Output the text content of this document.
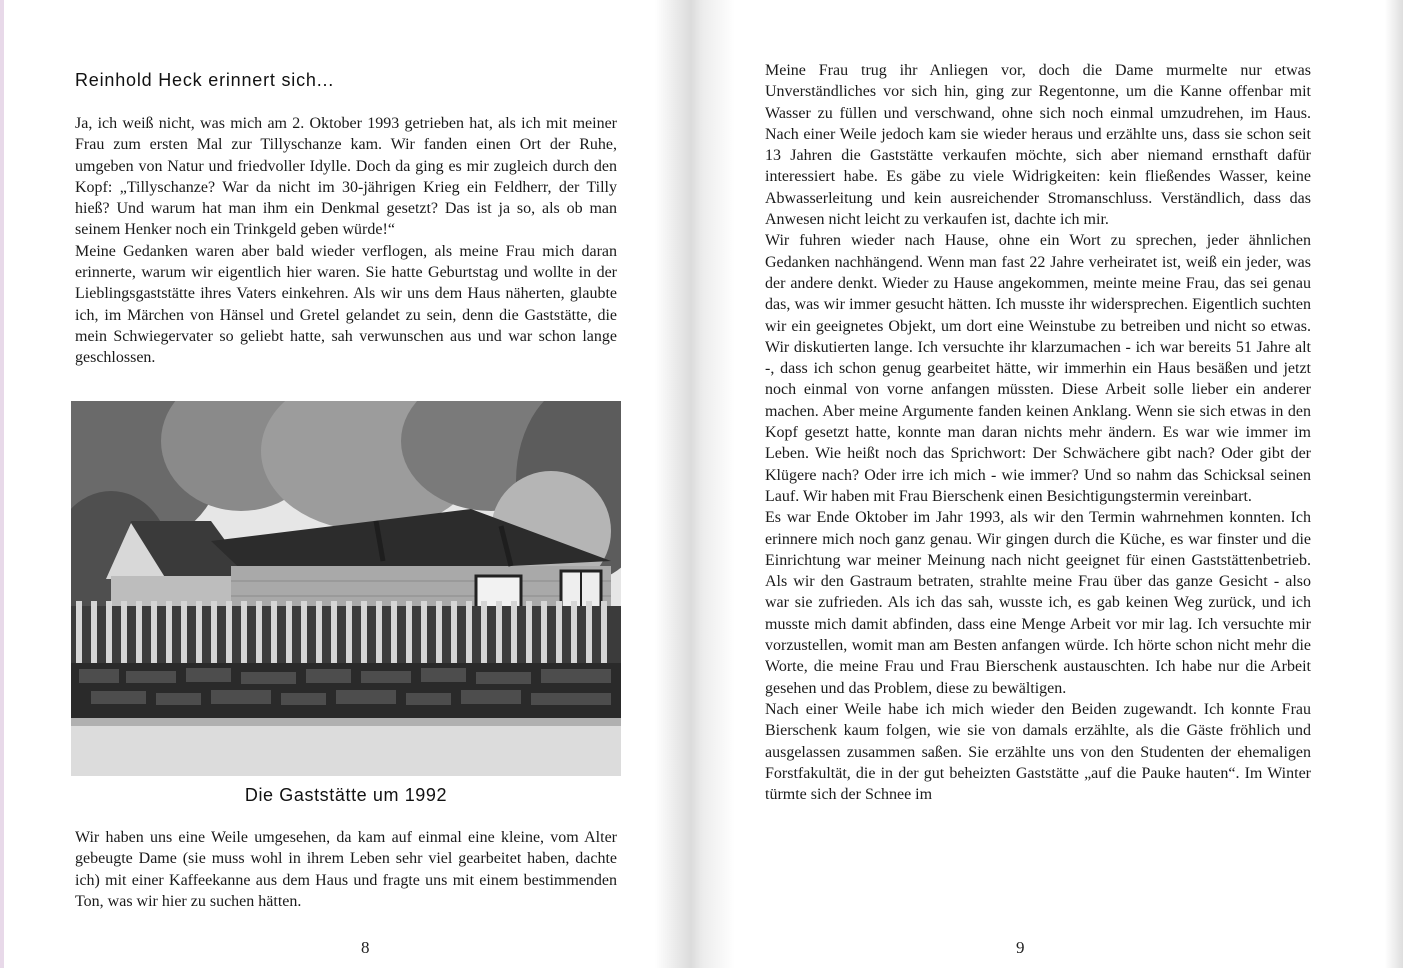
Reinhold Heck erinnert sich...
Ja, ich weiß nicht, was mich am 2. Oktober 1993 getrieben hat, als ich mit meiner Frau zum ersten Mal zur Tillyschanze kam. Wir fanden einen Ort der Ruhe, umgeben von Natur und friedvoller Idylle. Doch da ging es mir zugleich durch den Kopf: „Tillyschanze? War da nicht im 30-jährigen Krieg ein Feldherr, der Tilly hieß? Und warum hat man ihm ein Denkmal gesetzt? Das ist ja so, als ob man seinem Henker noch ein Trinkgeld geben würde!“
Meine Gedanken waren aber bald wieder verflogen, als meine Frau mich daran erinnerte, warum wir eigentlich hier waren. Sie hatte Geburtstag und wollte in der Lieblingsgaststätte ihres Vaters einkehren. Als wir uns dem Haus näherten, glaubte ich, im Märchen von Hänsel und Gretel gelandet zu sein, denn die Gaststätte, die mein Schwiegervater so geliebt hatte, sah verwunschen aus und war schon lange geschlossen.
Die Gaststätte um 1992

Wir haben uns eine Weile umgesehen, da kam auf einmal eine kleine, vom Alter gebeugte Dame (sie muss wohl in ihrem Leben sehr viel gearbeitet haben, dachte ich) mit einer Kaffeekanne aus dem Haus und fragte uns mit einem bestimmenden Ton, was wir hier zu suchen hätten.

8
Meine Frau trug ihr Anliegen vor, doch die Dame murmelte nur etwas Unverständliches vor sich hin, ging zur Regentonne, um die Kanne offenbar mit Wasser zu füllen und verschwand, ohne sich noch einmal umzudrehen, im Haus. Nach einer Weile jedoch kam sie wieder heraus und erzählte uns, dass sie schon seit 13 Jahren die Gaststätte verkaufen möchte, sich aber niemand ernsthaft dafür interessiert habe. Es gäbe zu viele Widrigkeiten: kein fließendes Wasser, keine Abwasserleitung und kein ausreichender Stromanschluss. Verständlich, dass das Anwesen nicht leicht zu verkaufen ist, dachte ich mir.
Wir fuhren wieder nach Hause, ohne ein Wort zu sprechen, jeder ähnlichen Gedanken nachhängend. Wenn man fast 22 Jahre verheiratet ist, weiß ein jeder, was der andere denkt. Wieder zu Hause angekommen, meinte meine Frau, das sei genau das, was wir immer gesucht hätten. Ich musste ihr widersprechen. Eigentlich suchten wir ein geeignetes Objekt, um dort eine Weinstube zu betreiben und nicht so etwas. Wir diskutierten lange. Ich versuchte ihr klarzumachen - ich war bereits 51 Jahre alt -, dass ich schon genug gearbeitet hätte, wir immerhin ein Haus besäßen und jetzt noch einmal von vorne anfangen müssten. Diese Arbeit solle lieber ein anderer machen. Aber meine Argumente fanden keinen Anklang. Wenn sie sich etwas in den Kopf gesetzt hatte, konnte man daran nichts mehr ändern. Es war wie immer im Leben. Wie heißt noch das Sprichwort: Der Schwächere gibt nach? Oder gibt der Klügere nach? Oder irre ich mich - wie immer? Und so nahm das Schicksal seinen Lauf. Wir haben mit Frau Bierschenk einen Besichtigungstermin vereinbart.
Es war Ende Oktober im Jahr 1993, als wir den Termin wahrnehmen konnten. Ich erinnere mich noch ganz genau. Wir gingen durch die Küche, es war finster und die Einrichtung war meiner Meinung nach nicht geeignet für einen Gaststättenbetrieb. Als wir den Gastraum betraten, strahlte meine Frau über das ganze Gesicht - also war sie zufrieden. Als ich das sah, wusste ich, es gab keinen Weg zurück, und ich musste mich damit abfinden, dass eine Menge Arbeit vor mir lag. Ich versuchte mir vorzustellen, womit man am Besten anfangen würde. Ich hörte schon nicht mehr die Worte, die meine Frau und Frau Bierschenk austauschten. Ich habe nur die Arbeit gesehen und das Problem, diese zu bewältigen.
Nach einer Weile habe ich mich wieder den Beiden zugewandt. Ich konnte Frau Bierschenk kaum folgen, wie sie von damals erzählte, als die Gäste fröhlich und ausgelassen zusammen saßen. Sie erzählte uns von den Studenten der ehemaligen Forstfakultät, die in der gut beheizten Gaststätte „auf die Pauke hauten“. Im Winter türmte sich der Schnee im
9
